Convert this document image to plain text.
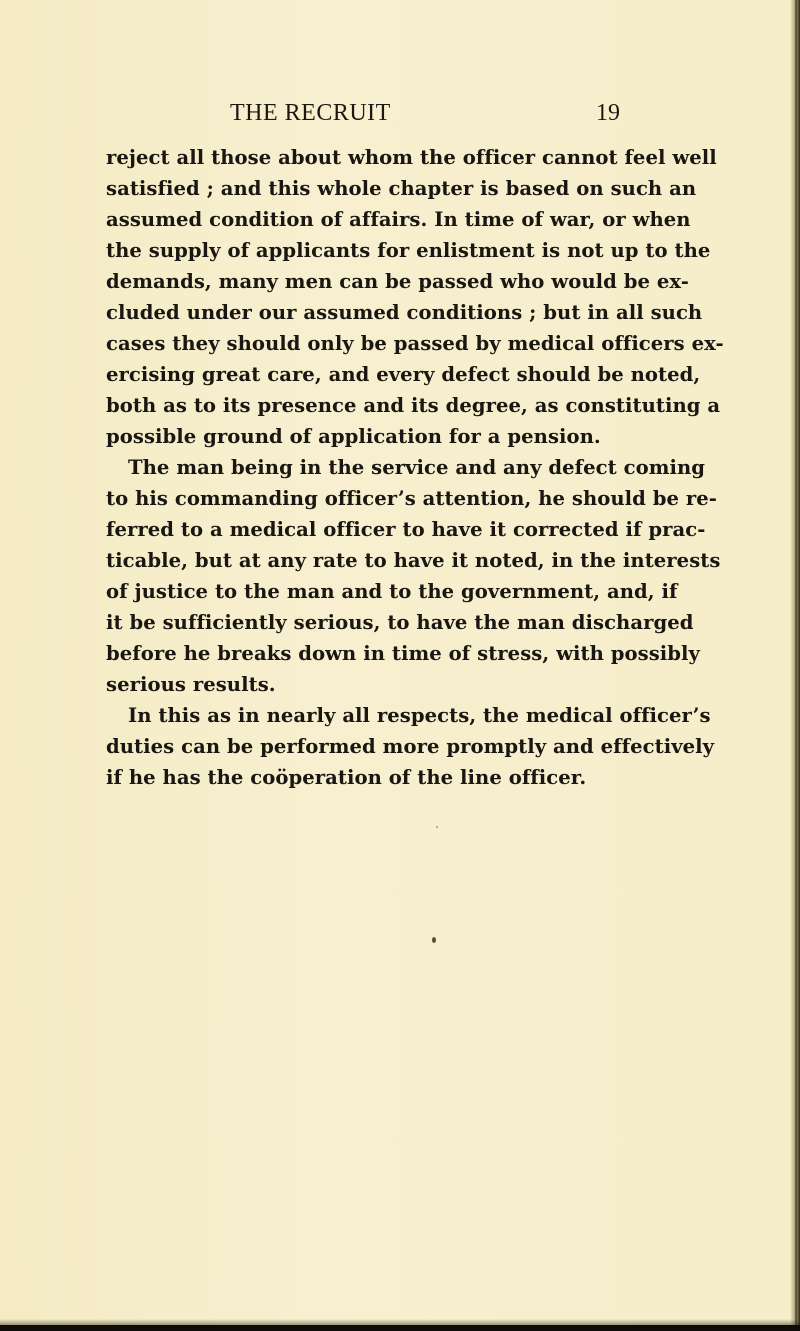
THE RECRUIT	19
reject all those about whom the officer cannot feel well
satisfied ; and this whole chapter is based on such an
assumed condition of affairs. In time of war, or when
the supply of applicants for enlistment is not up to the
demands, many men can be passed who would be ex-
cluded under our assumed conditions ; but in all such
cases they should only be passed by medical officers ex-
ercising great care, and every defect should be noted,
both as to its presence and its degree, as constituting a
possible ground of application for a pension.
The man being in the service and any defect coming
to his commanding officer’s attention, he should be re-
ferred to a medical officer to have it corrected if prac-
ticable, but at any rate to have it noted, in the interests
of justice to the man and to the government, and, if
it be sufficiently serious, to have the man discharged
before he breaks down in time of stress, with possibly
serious results.
In this as in nearly all respects, the medical officer’s
duties can be performed more promptly and effectively
if he has the coöperation of the line officer.
